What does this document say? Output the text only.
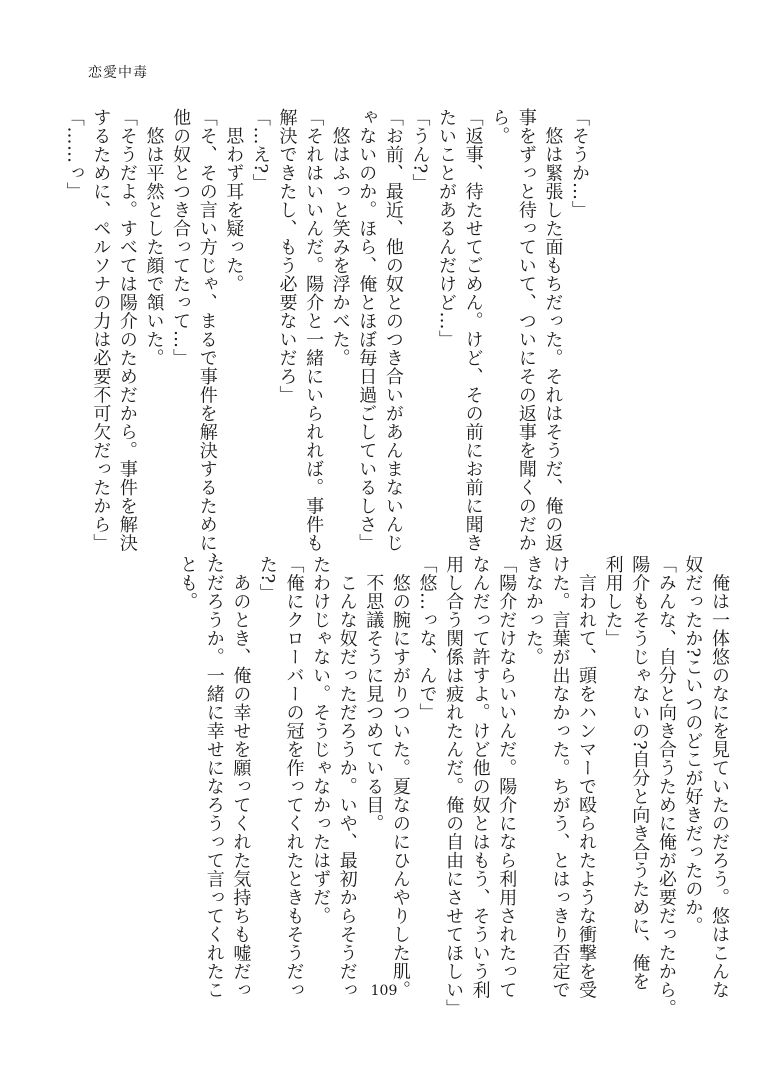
恋愛中毒
「そうか…」
　悠は緊張した面もちだった。それはそうだ、俺の返
事をずっと待っていて、ついにその返事を聞くのだか
ら。
「返事、待たせてごめん。けど、その前にお前に聞き
たいことがあるんだけど…」
「うん?」
「お前、最近、他の奴とのつき合いがあんまないんじ
ゃないのか。ほら、俺とほぼ毎日過ごしているしさ」
　悠はふっと笑みを浮かべた。
「それはいいんだ。陽介と一緒にいられれば。事件も
解決できたし、もう必要ないだろ」
「…え?」
　思わず耳を疑った。
「そ、その言い方じゃ、まるで事件を解決するために、
他の奴とつき合ってたって…」
　悠は平然とした顔で頷いた。
「そうだよ。すべては陽介のためだから。事件を解決
するために、ペルソナの力は必要不可欠だったから」
「……っ」
　俺は一体悠のなにを見ていたのだろう。悠はこんな
奴だったか?こいつのどこが好きだったのか。
「みんな、自分と向き合うために俺が必要だったから。
陽介もそうじゃないの?自分と向き合うために、俺を
利用した」
　言われて、頭をハンマーで殴られたような衝撃を受
けた。言葉が出なかった。ちがう、とはっきり否定で
きなかった。
「陽介だけならいいんだ。陽介になら利用されたって
なんだって許すよ。けど他の奴とはもう、そういう利
用し合う関係は疲れたんだ。俺の自由にさせてほしい」
「悠…っな、んで」
　悠の腕にすがりついた。夏なのにひんやりした肌。
　不思議そうに見つめている目。
　こんな奴だっただろうか。いや、最初からそうだっ
たわけじゃない。そうじゃなかったはずだ。
「俺にクローバーの冠を作ってくれたときもそうだっ
た?」
　あのとき、俺の幸せを願ってくれた気持ちも嘘だっ
ただろうか。一緒に幸せになろうって言ってくれたこ
とも。
109
